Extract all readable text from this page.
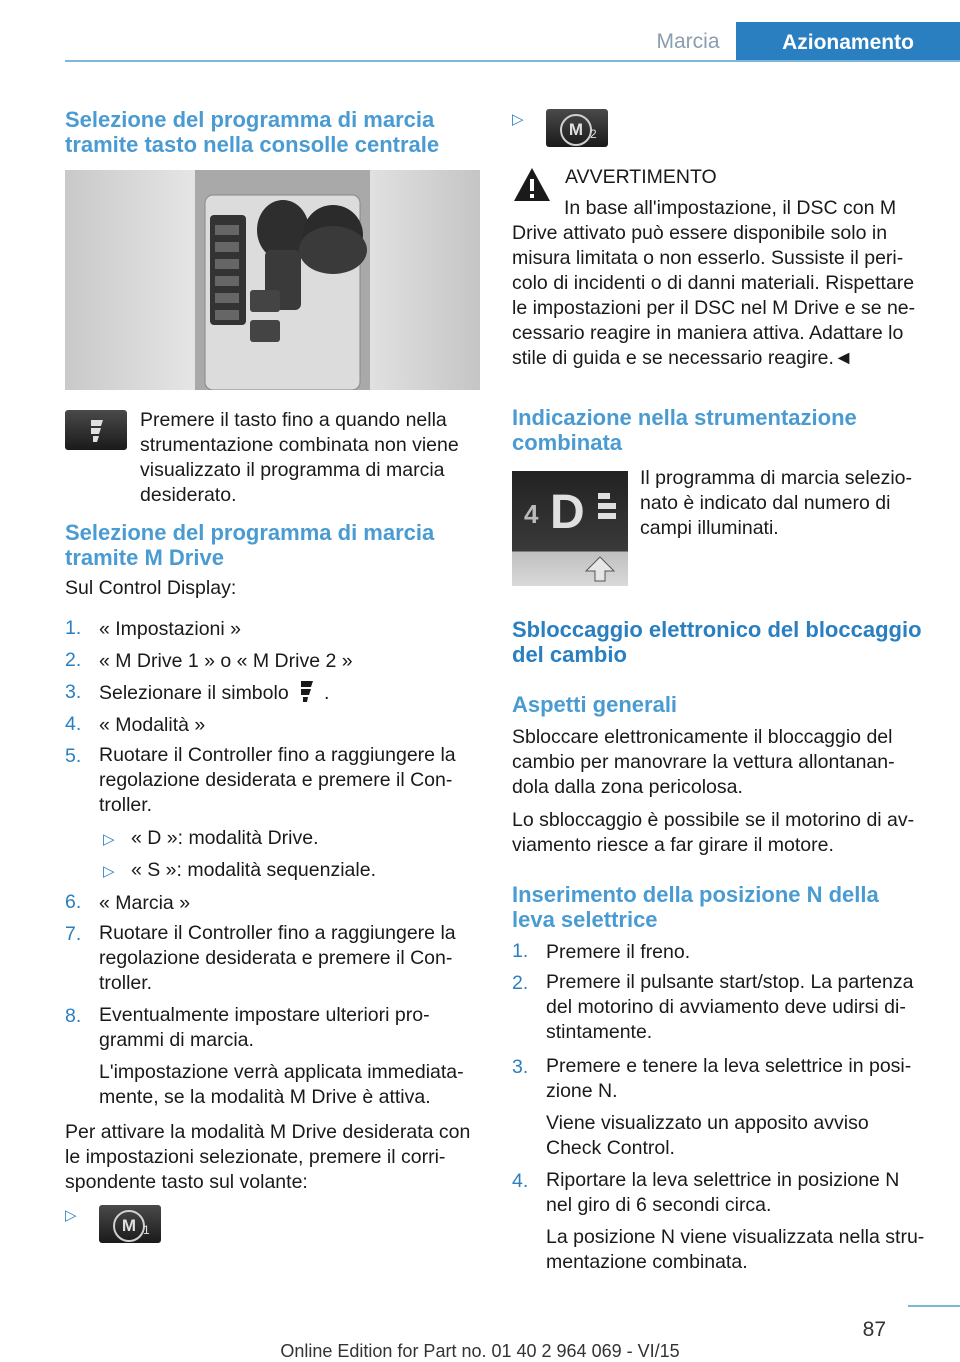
Marcia	Azionamento
Selezione del programma di marcia tramite tasto nella consolle centrale

Premere il tasto fino a quando nella strumentazione combinata non viene visualizzato il programma di marcia desiderato.

Selezione del programma di marcia tramite M Drive

Sul Control Display:

1. « Impostazioni »

2. « M Drive 1 » o « M Drive 2 »

3. Selezionare il simbolo .
4. « Modalità »

5. Ruotare il Controller fino a raggiungere la regolazione desiderata e premere il Con-troller.

▷ « D »: modalità Drive.

▷ « S »: modalità sequenziale.

6. « Marcia »

7. Ruotare il Controller fino a raggiungere la regolazione desiderata e premere il Con-troller.

8. Eventualmente impostare ulteriori pro-grammi di marcia.

L'impostazione verrà applicata immediata-mente, se la modalità M Drive è attiva.

Per attivare la modalità M Drive desiderata con le impostazioni selezionate, premere il corri-spondente tasto sul volante:

▷
M 1
▷
M 2

AVVERTIMENTO

In base all'impostazione, il DSC con M Drive attivato può essere disponibile solo in misura limitata o non esserlo. Sussiste il peri-colo di incidenti o di danni materiali. Rispettare le impostazioni per il DSC nel M Drive e se ne-cessario reagire in maniera attiva. Adattare lo stile di guida e se necessario reagire.◄

Indicazione nella strumentazione combinata
4 D

Il programma di marcia selezio-nato è indicato dal numero di campi illuminati.

Sbloccaggio elettronico del bloccaggio del cambio
Aspetti generali

Sbloccare elettronicamente il bloccaggio del cambio per manovrare la vettura allontanan-dola dalla zona pericolosa.

Lo sbloccaggio è possibile se il motorino di av-viamento riesce a far girare il motore.

Inserimento della posizione N della leva selettrice
1. Premere il freno.

2. Premere il pulsante start/stop. La partenza del motorino di avviamento deve udirsi di-stintamente.

3. Premere e tenere la leva selettrice in posi-zione N.

Viene visualizzato un apposito avviso Check Control.

4. Riportare la leva selettrice in posizione N nel giro di 6 secondi circa.

La posizione N viene visualizzata nella stru-mentazione combinata.

87
Online Edition for Part no. 01 40 2 964 069 - VI/15
